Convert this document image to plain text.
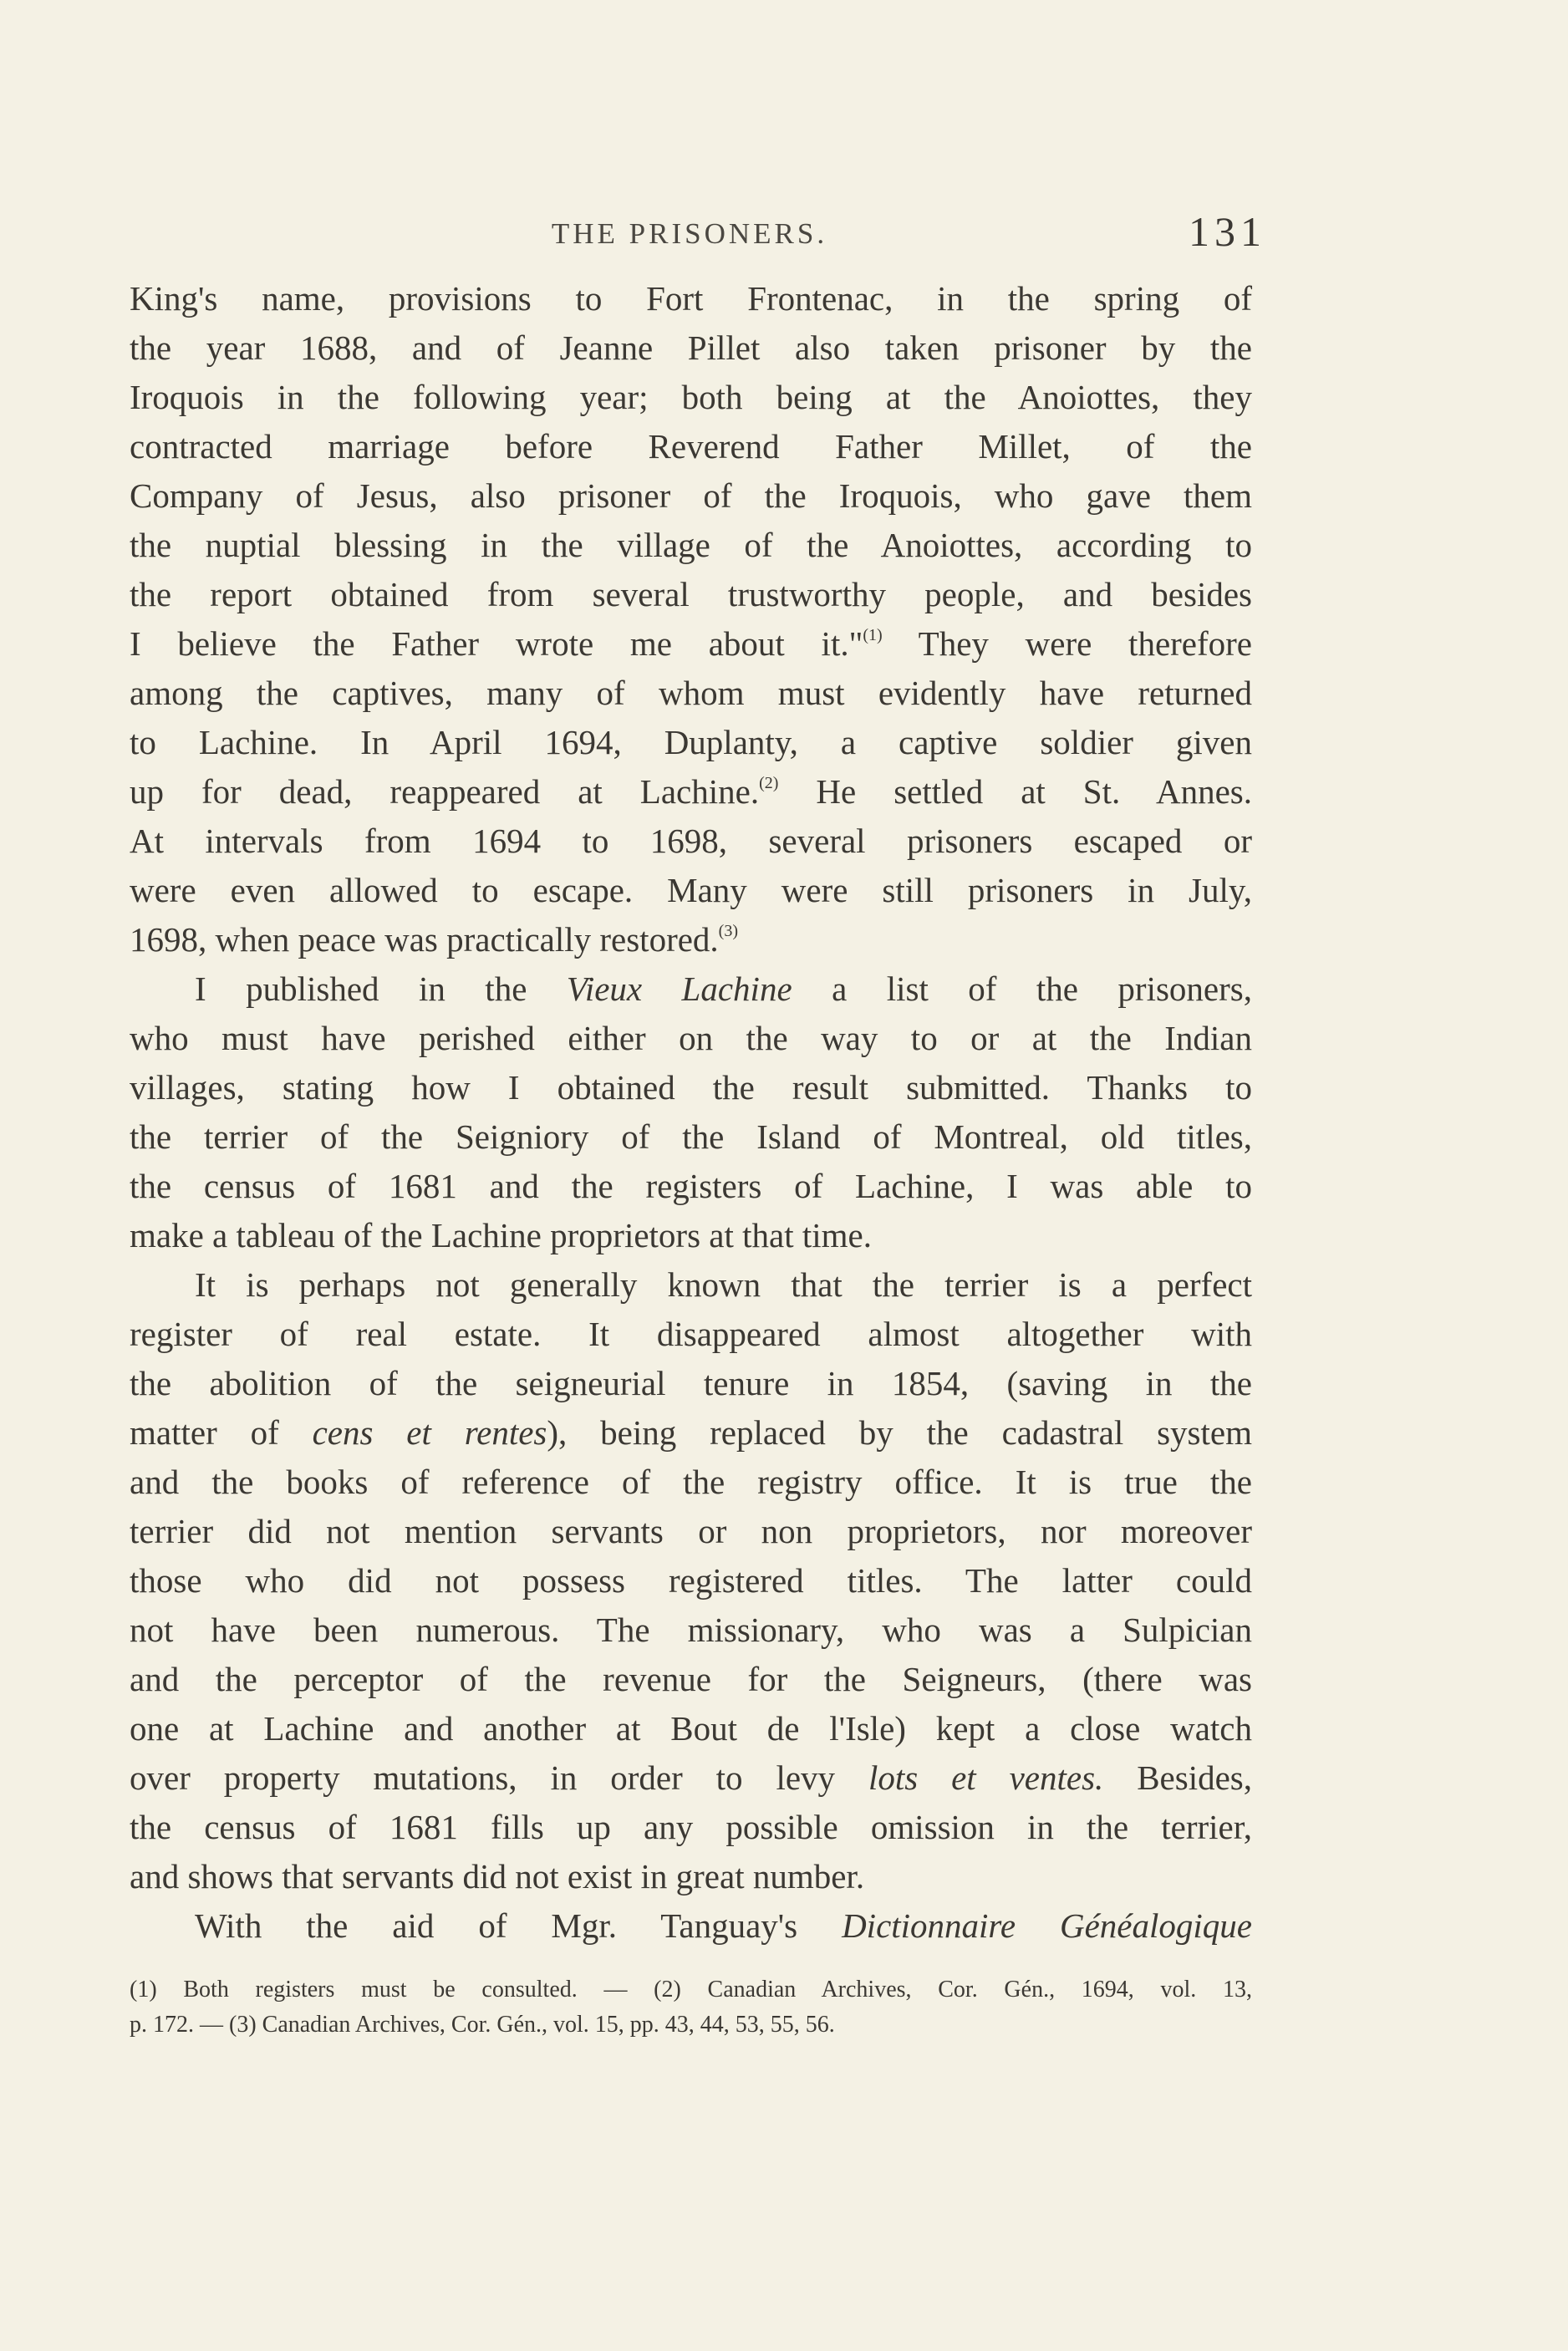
THE PRISONERS.	131
King's name, provisions to Fort Frontenac, in the spring of
the year 1688, and of Jeanne Pillet also taken prisoner by the
Iroquois in the following year; both being at the Anoiottes, they
contracted marriage before Reverend Father Millet, of the
Company of Jesus, also prisoner of the Iroquois, who gave them
the nuptial blessing in the village of the Anoiottes, according to
the report obtained from several trustworthy people, and besides
I believe the Father wrote me about it."$^{(1)}$ They were therefore
among the captives, many of whom must evidently have returned
to Lachine. In April 1694, Duplanty, a captive soldier given
up for dead, reappeared at Lachine.$^{(2)}$ He settled at St. Annes.
At intervals from 1694 to 1698, several prisoners escaped or
were even allowed to escape. Many were still prisoners in July,
1698, when peace was practically restored.$^{(3)}$
I published in the Vieux Lachine a list of the prisoners,
who must have perished either on the way to or at the Indian
villages, stating how I obtained the result submitted. Thanks to
the terrier of the Seigniory of the Island of Montreal, old titles,
the census of 1681 and the registers of Lachine, I was able to
make a tableau of the Lachine proprietors at that time.
It is perhaps not generally known that the terrier is a perfect
register of real estate. It disappeared almost altogether with
the abolition of the seigneurial tenure in 1854, (saving in the
matter of cens et rentes), being replaced by the cadastral system
and the books of reference of the registry office. It is true the
terrier did not mention servants or non proprietors, nor moreover
those who did not possess registered titles. The latter could
not have been numerous. The missionary, who was a Sulpician
and the perceptor of the revenue for the Seigneurs, (there was
one at Lachine and another at Bout de l'Isle) kept a close watch
over property mutations, in order to levy lots et ventes. Besides,
the census of 1681 fills up any possible omission in the terrier,
and shows that servants did not exist in great number.
With the aid of Mgr. Tanguay's Dictionnaire Généalogique
(1) Both registers must be consulted. — (2) Canadian Archives, Cor. Gén., 1694, vol. 13,
p. 172. — (3) Canadian Archives, Cor. Gén., vol. 15, pp. 43, 44, 53, 55, 56.
